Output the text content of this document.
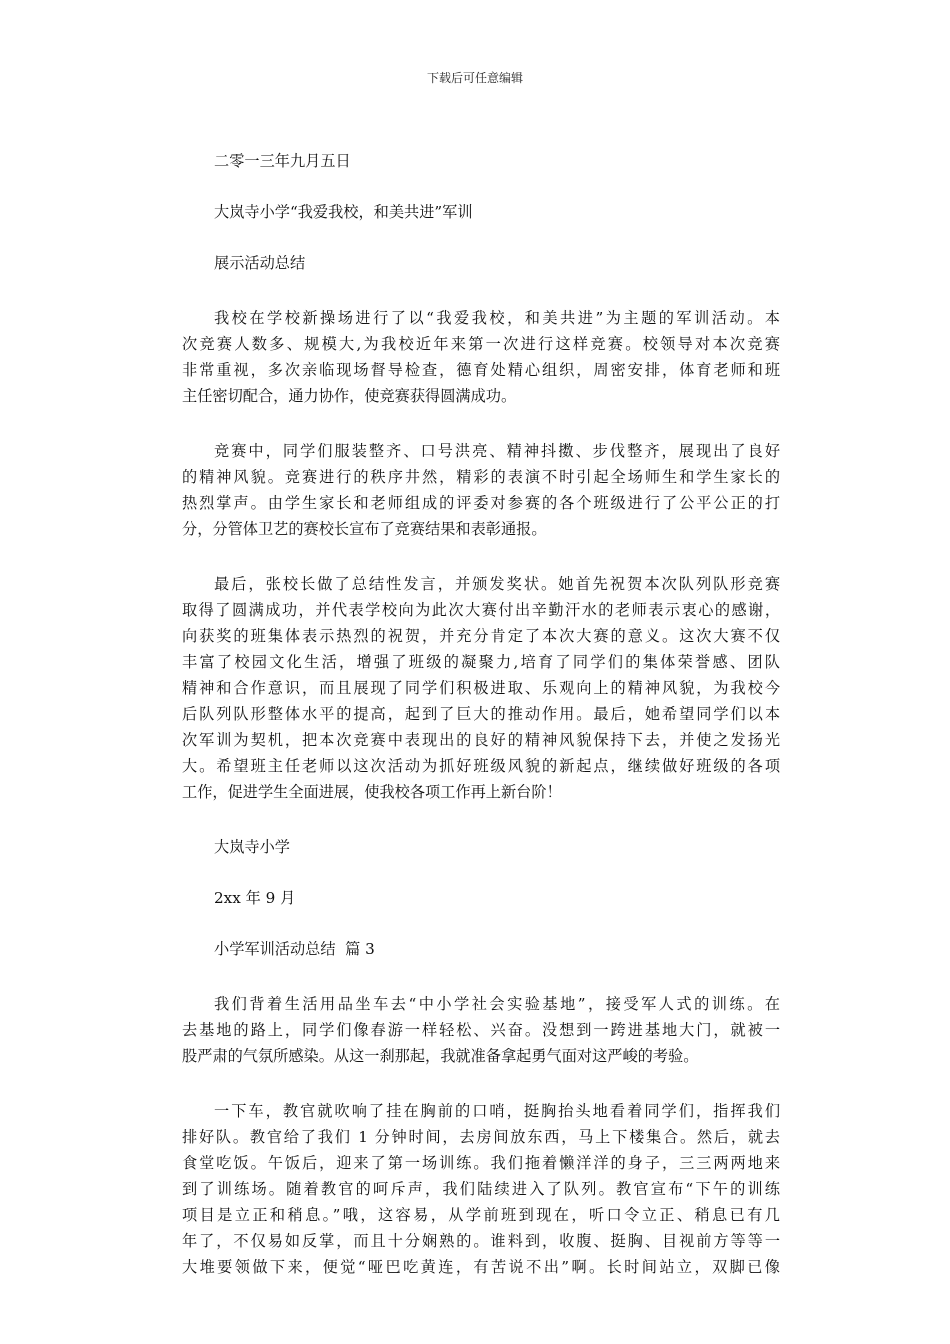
下载后可任意编辑
二零一三年九月五日
大岚寺小学“我爱我校，和美共进”军训
展示活动总结
我校在学校新操场进行了以“我爱我校，和美共进”为主题的军训活动。本
次竞赛人数多、规模大,为我校近年来第一次进行这样竞赛。校领导对本次竞赛
非常重视，多次亲临现场督导检查，德育处精心组织，周密安排，体育老师和班
主任密切配合，通力协作，使竞赛获得圆满成功。
竞赛中，同学们服装整齐、口号洪亮、精神抖擞、步伐整齐，展现出了良好
的精神风貌。竞赛进行的秩序井然，精彩的表演不时引起全场师生和学生家长的
热烈掌声。由学生家长和老师组成的评委对参赛的各个班级进行了公平公正的打
分，分管体卫艺的赛校长宣布了竞赛结果和表彰通报。
最后，张校长做了总结性发言，并颁发奖状。她首先祝贺本次队列队形竞赛
取得了圆满成功，并代表学校向为此次大赛付出辛勤汗水的老师表示衷心的感谢，
向获奖的班集体表示热烈的祝贺，并充分肯定了本次大赛的意义。这次大赛不仅
丰富了校园文化生活，增强了班级的凝聚力,培育了同学们的集体荣誉感、团队
精神和合作意识，而且展现了同学们积极进取、乐观向上的精神风貌，为我校今
后队列队形整体水平的提高，起到了巨大的推动作用。最后，她希望同学们以本
次军训为契机，把本次竞赛中表现出的良好的精神风貌保持下去，并使之发扬光
大。希望班主任老师以这次活动为抓好班级风貌的新起点，继续做好班级的各项
工作，促进学生全面进展，使我校各项工作再上新台阶！
大岚寺小学
2xx 年 9 月
小学军训活动总结  篇 3
我们背着生活用品坐车去“中小学社会实验基地”，接受军人式的训练。在
去基地的路上，同学们像春游一样轻松、兴奋。没想到一跨进基地大门，就被一
股严肃的气氛所感染。从这一刹那起，我就准备拿起勇气面对这严峻的考验。
一下车，教官就吹响了挂在胸前的口哨，挺胸抬头地看着同学们，指挥我们
排好队。教官给了我们 1 分钟时间，去房间放东西，马上下楼集合。然后，就去
食堂吃饭。午饭后，迎来了第一场训练。我们拖着懒洋洋的身子，三三两两地来
到了训练场。随着教官的呵斥声，我们陆续进入了队列。教官宣布“下午的训练
项目是立正和稍息。”哦，这容易，从学前班到现在，听口令立正、稍息已有几
年了，不仅易如反掌，而且十分娴熟的。谁料到，收腹、挺胸、目视前方等等一
大堆要领做下来，便觉“哑巴吃黄连，有苦说不出”啊。长时间站立，双脚已像
